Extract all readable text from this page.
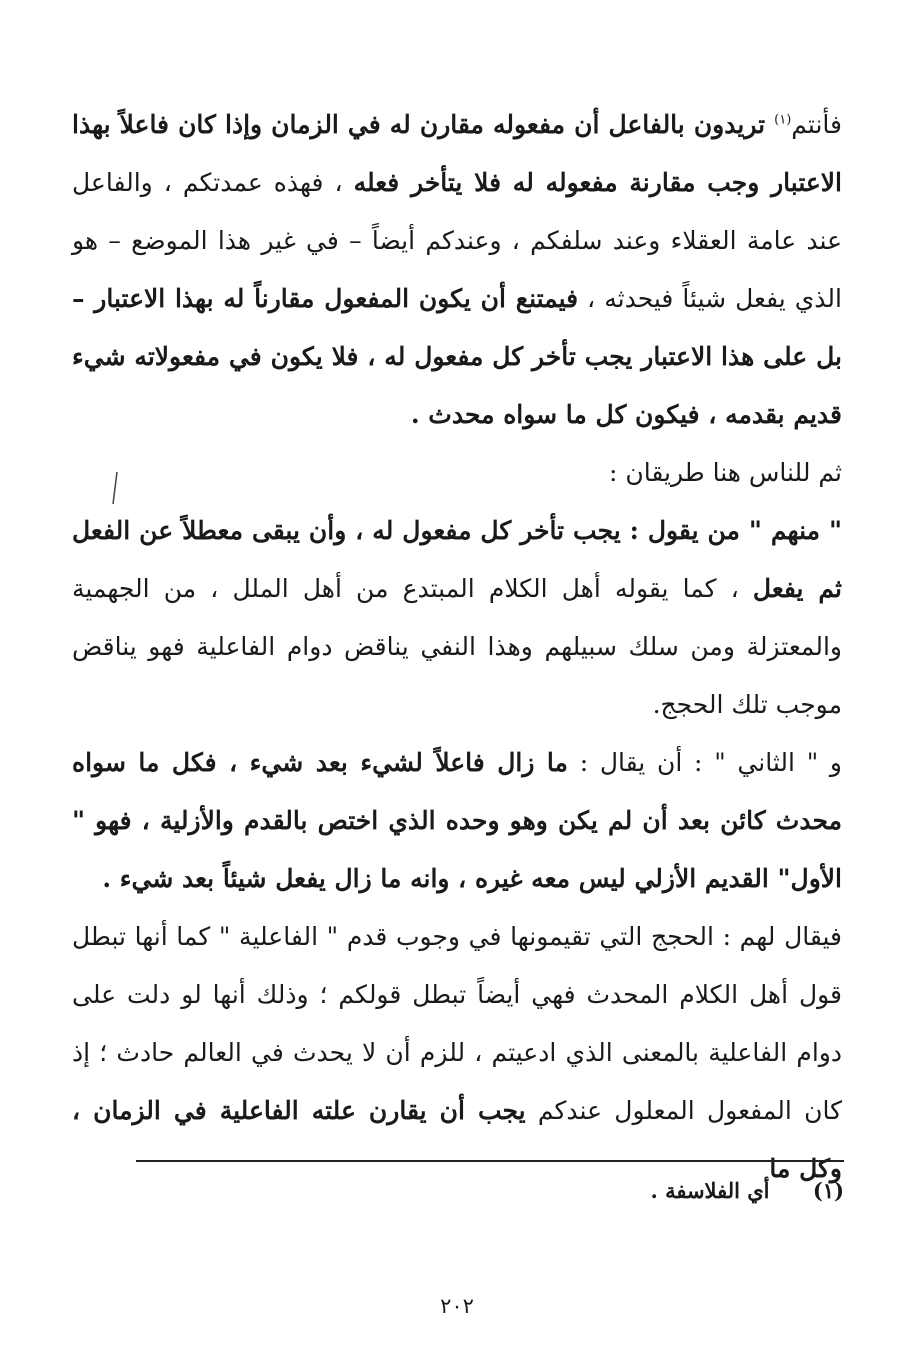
فأنتم$^{(١)}$ تريدون بالفاعل أن مفعوله مقارن له في الزمان وإذا كان فاعلاً بهذا الاعتبار وجب مقارنة مفعوله له فلا يتأخر فعله ، فهذه عمدتكم ، والفاعل عند عامة العقلاء وعند سلفكم ، وعندكم أيضاً – في غير هذا الموضع – هو الذي يفعل شيئاً فيحدثه ، فيمتنع أن يكون المفعول مقارناً له بهذا الاعتبار – بل على هذا الاعتبار يجب تأخر كل مفعول له ، فلا يكون في مفعولاته شيء قديم بقدمه ، فيكون كل ما سواه محدث .
ثم للناس هنا طريقان :
" منهم " من يقول : يجب تأخر كل مفعول له ، وأن يبقى معطلاً عن الفعل ثم يفعل ، كما يقوله أهل الكلام المبتدع من أهل الملل ، من الجهمية والمعتزلة ومن سلك سبيلهم وهذا النفي يناقض دوام الفاعلية فهو يناقض موجب تلك الحجج.
و " الثاني " : أن يقال : ما زال فاعلاً لشيء بعد شيء ، فكل ما سواه محدث كائن بعد أن لم يكن وهو وحده الذي اختص بالقدم والأزلية ، فهو " الأول" القديم الأزلي ليس معه غيره ، وانه ما زال يفعل شيئاً بعد شيء .
فيقال لهم : الحجج التي تقيمونها في وجوب قدم " الفاعلية " كما أنها تبطل قول أهل الكلام المحدث فهي أيضاً تبطل قولكم ؛ وذلك أنها لو دلت على دوام الفاعلية بالمعنى الذي ادعيتم ، للزم أن لا يحدث في العالم حادث ؛ إذ كان المفعول المعلول عندكم يجب أن يقارن علته الفاعلية في الزمان ، وكل ما
(١) أي الفلاسفة .
٢٠٢
